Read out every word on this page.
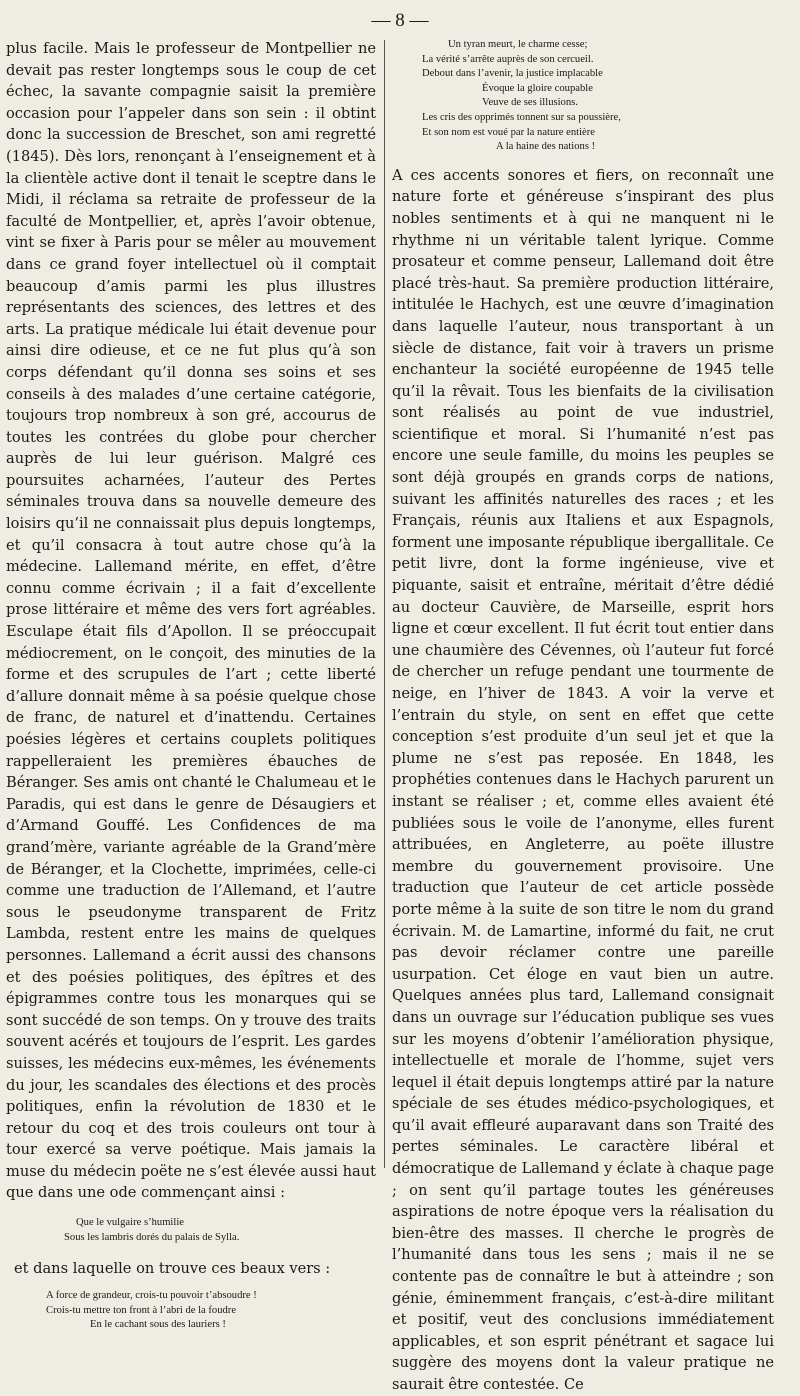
— 8 —

plus facile. Mais le professeur de Montpellier ne devait pas rester longtemps sous le coup de cet échec, la savante compagnie saisit la première occasion pour l’appeler dans son sein : il obtint donc la succession de Breschet, son ami regretté (1845). Dès lors, renonçant à l’enseignement et à la clientèle active dont il tenait le sceptre dans le Midi, il réclama sa retraite de professeur de la faculté de Montpellier, et, après l’avoir obtenue, vint se fixer à Paris pour se mêler au mouvement dans ce grand foyer intellectuel où il comptait beaucoup d’amis parmi les plus illustres représentants des sciences, des lettres et des arts. La pratique médicale lui était devenue pour ainsi dire odieuse, et ce ne fut plus qu’à son corps défendant qu’il donna ses soins et ses conseils à des malades d’une certaine catégorie, toujours trop nombreux à son gré, accourus de toutes les contrées du globe pour chercher auprès de lui leur guérison. Malgré ces poursuites acharnées, l’auteur des Pertes séminales trouva dans sa nouvelle demeure des loisirs qu’il ne connaissait plus depuis longtemps, et qu’il consacra à tout autre chose qu’à la médecine. Lallemand mérite, en effet, d’être connu comme écrivain ; il a fait d’excellente prose littéraire et même des vers fort agréables. Esculape était fils d’Apollon. Il se préoccupait médiocrement, on le conçoit, des minuties de la forme et des scrupules de l’art ; cette liberté d’allure donnait même à sa poésie quelque chose de franc, de naturel et d’inattendu. Certaines poésies légères et certains couplets politiques rappelleraient les premières ébauches de Béranger. Ses amis ont chanté le Chalumeau et le Paradis, qui est dans le genre de Désaugiers et d’Armand Gouffé. Les Confidences de ma grand’mère, variante agréable de la Grand’mère de Béranger, et la Clochette, imprimées, celle-ci comme une traduction de l’Allemand, et l’autre sous le pseudonyme transparent de Fritz Lambda, restent entre les mains de quelques personnes. Lallemand a écrit aussi des chansons et des poésies politiques, des épîtres et des épigrammes contre tous les monarques qui se sont succédé de son temps. On y trouve des traits souvent acérés et toujours de l’esprit. Les gardes suisses, les médecins eux-mêmes, les événements du jour, les scandales des élections et des procès politiques, enfin la révolution de 1830 et le retour du coq et des trois couleurs ont tour à tour exercé sa verve poétique. Mais jamais la muse du médecin poëte ne s’est élevée aussi haut que dans une ode commençant ainsi :

Que le vulgaire s’humilie
Sous les lambris dorés du palais de Sylla.
et dans laquelle on trouve ces beaux vers :
A force de grandeur, crois-tu pouvoir t’absoudre !
Crois-tu mettre ton front à l’abri de la foudre
En le cachant sous des lauriers !
Un tyran meurt, le charme cesse;
La vérité s’arrête auprès de son cercueil.
Debout dans l’avenir, la justice implacable
Évoque la gloire coupable
Veuve de ses illusions.
Les cris des opprimés tonnent sur sa poussière,
Et son nom est voué par la nature entière
A la haine des nations !

A ces accents sonores et fiers, on reconnaît une nature forte et généreuse s’inspirant des plus nobles sentiments et à qui ne manquent ni le rhythme ni un véritable talent lyrique. Comme prosateur et comme penseur, Lallemand doit être placé très-haut. Sa première production littéraire, intitulée le Hachych, est une œuvre d’imagination dans laquelle l’auteur, nous transportant à un siècle de distance, fait voir à travers un prisme enchanteur la société européenne de 1945 telle qu’il la rêvait. Tous les bienfaits de la civilisation sont réalisés au point de vue industriel, scientifique et moral. Si l’humanité n’est pas encore une seule famille, du moins les peuples se sont déjà groupés en grands corps de nations, suivant les affinités naturelles des races ; et les Français, réunis aux Italiens et aux Espagnols, forment une imposante république ibergallitale. Ce petit livre, dont la forme ingénieuse, vive et piquante, saisit et entraîne, méritait d’être dédié au docteur Cauvière, de Marseille, esprit hors ligne et cœur excellent. Il fut écrit tout entier dans une chaumière des Cévennes, où l’auteur fut forcé de chercher un refuge pendant une tourmente de neige, en l’hiver de 1843. A voir la verve et l’entrain du style, on sent en effet que cette conception s’est produite d’un seul jet et que la plume ne s’est pas reposée. En 1848, les prophéties contenues dans le Hachych parurent un instant se réaliser ; et, comme elles avaient été publiées sous le voile de l’anonyme, elles furent attribuées, en Angleterre, au poëte illustre membre du gouvernement provisoire. Une traduction que l’auteur de cet article possède porte même à la suite de son titre le nom du grand écrivain. M. de Lamartine, informé du fait, ne crut pas devoir réclamer contre une pareille usurpation. Cet éloge en vaut bien un autre. Quelques années plus tard, Lallemand consignait dans un ouvrage sur l’éducation publique ses vues sur les moyens d’obtenir l’amélioration physique, intellectuelle et morale de l’homme, sujet vers lequel il était depuis longtemps attiré par la nature spéciale de ses études médico-psychologiques, et qu’il avait effleuré auparavant dans son Traité des pertes séminales. Le caractère libéral et démocratique de Lallemand y éclate à chaque page ; on sent qu’il partage toutes les généreuses aspirations de notre époque vers la réalisation du bien-être des masses. Il cherche le progrès de l’humanité dans tous les sens ; mais il ne se contente pas de connaître le but à atteindre ; son génie, éminemment français, c’est-à-dire militant et positif, veut des conclusions immédiatement applicables, et son esprit pénétrant et sagace lui suggère des moyens dont la valeur pratique ne saurait être contestée. Ce
